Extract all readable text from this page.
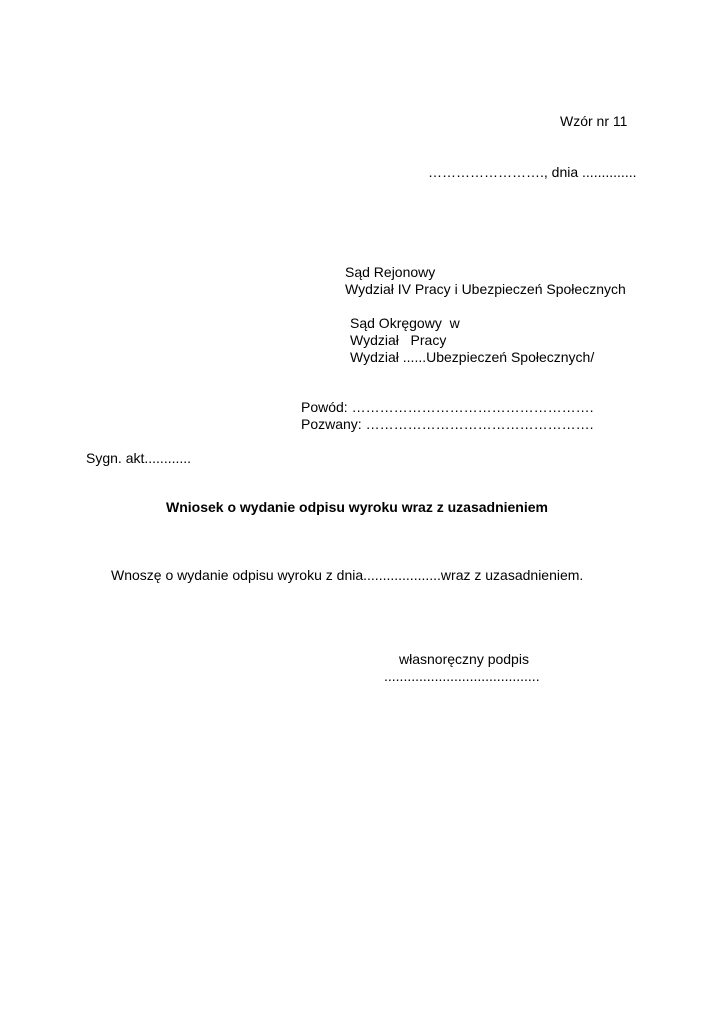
Wzór nr 11
……………………., dnia ..............
Sąd Rejonowy
Wydział IV Pracy i Ubezpieczeń Społecznych
Sąd Okręgowy  w
Wydział   Pracy
Wydział ......Ubezpieczeń Społecznych/
Powód: …………………………………………….
Pozwany: ………………………………………….
Sygn. akt............
Wniosek o wydanie odpisu wyroku wraz z uzasadnieniem
Wnoszę o wydanie odpisu wyroku z dnia....................wraz z uzasadnieniem.
własnoręczny podpis
........................................
